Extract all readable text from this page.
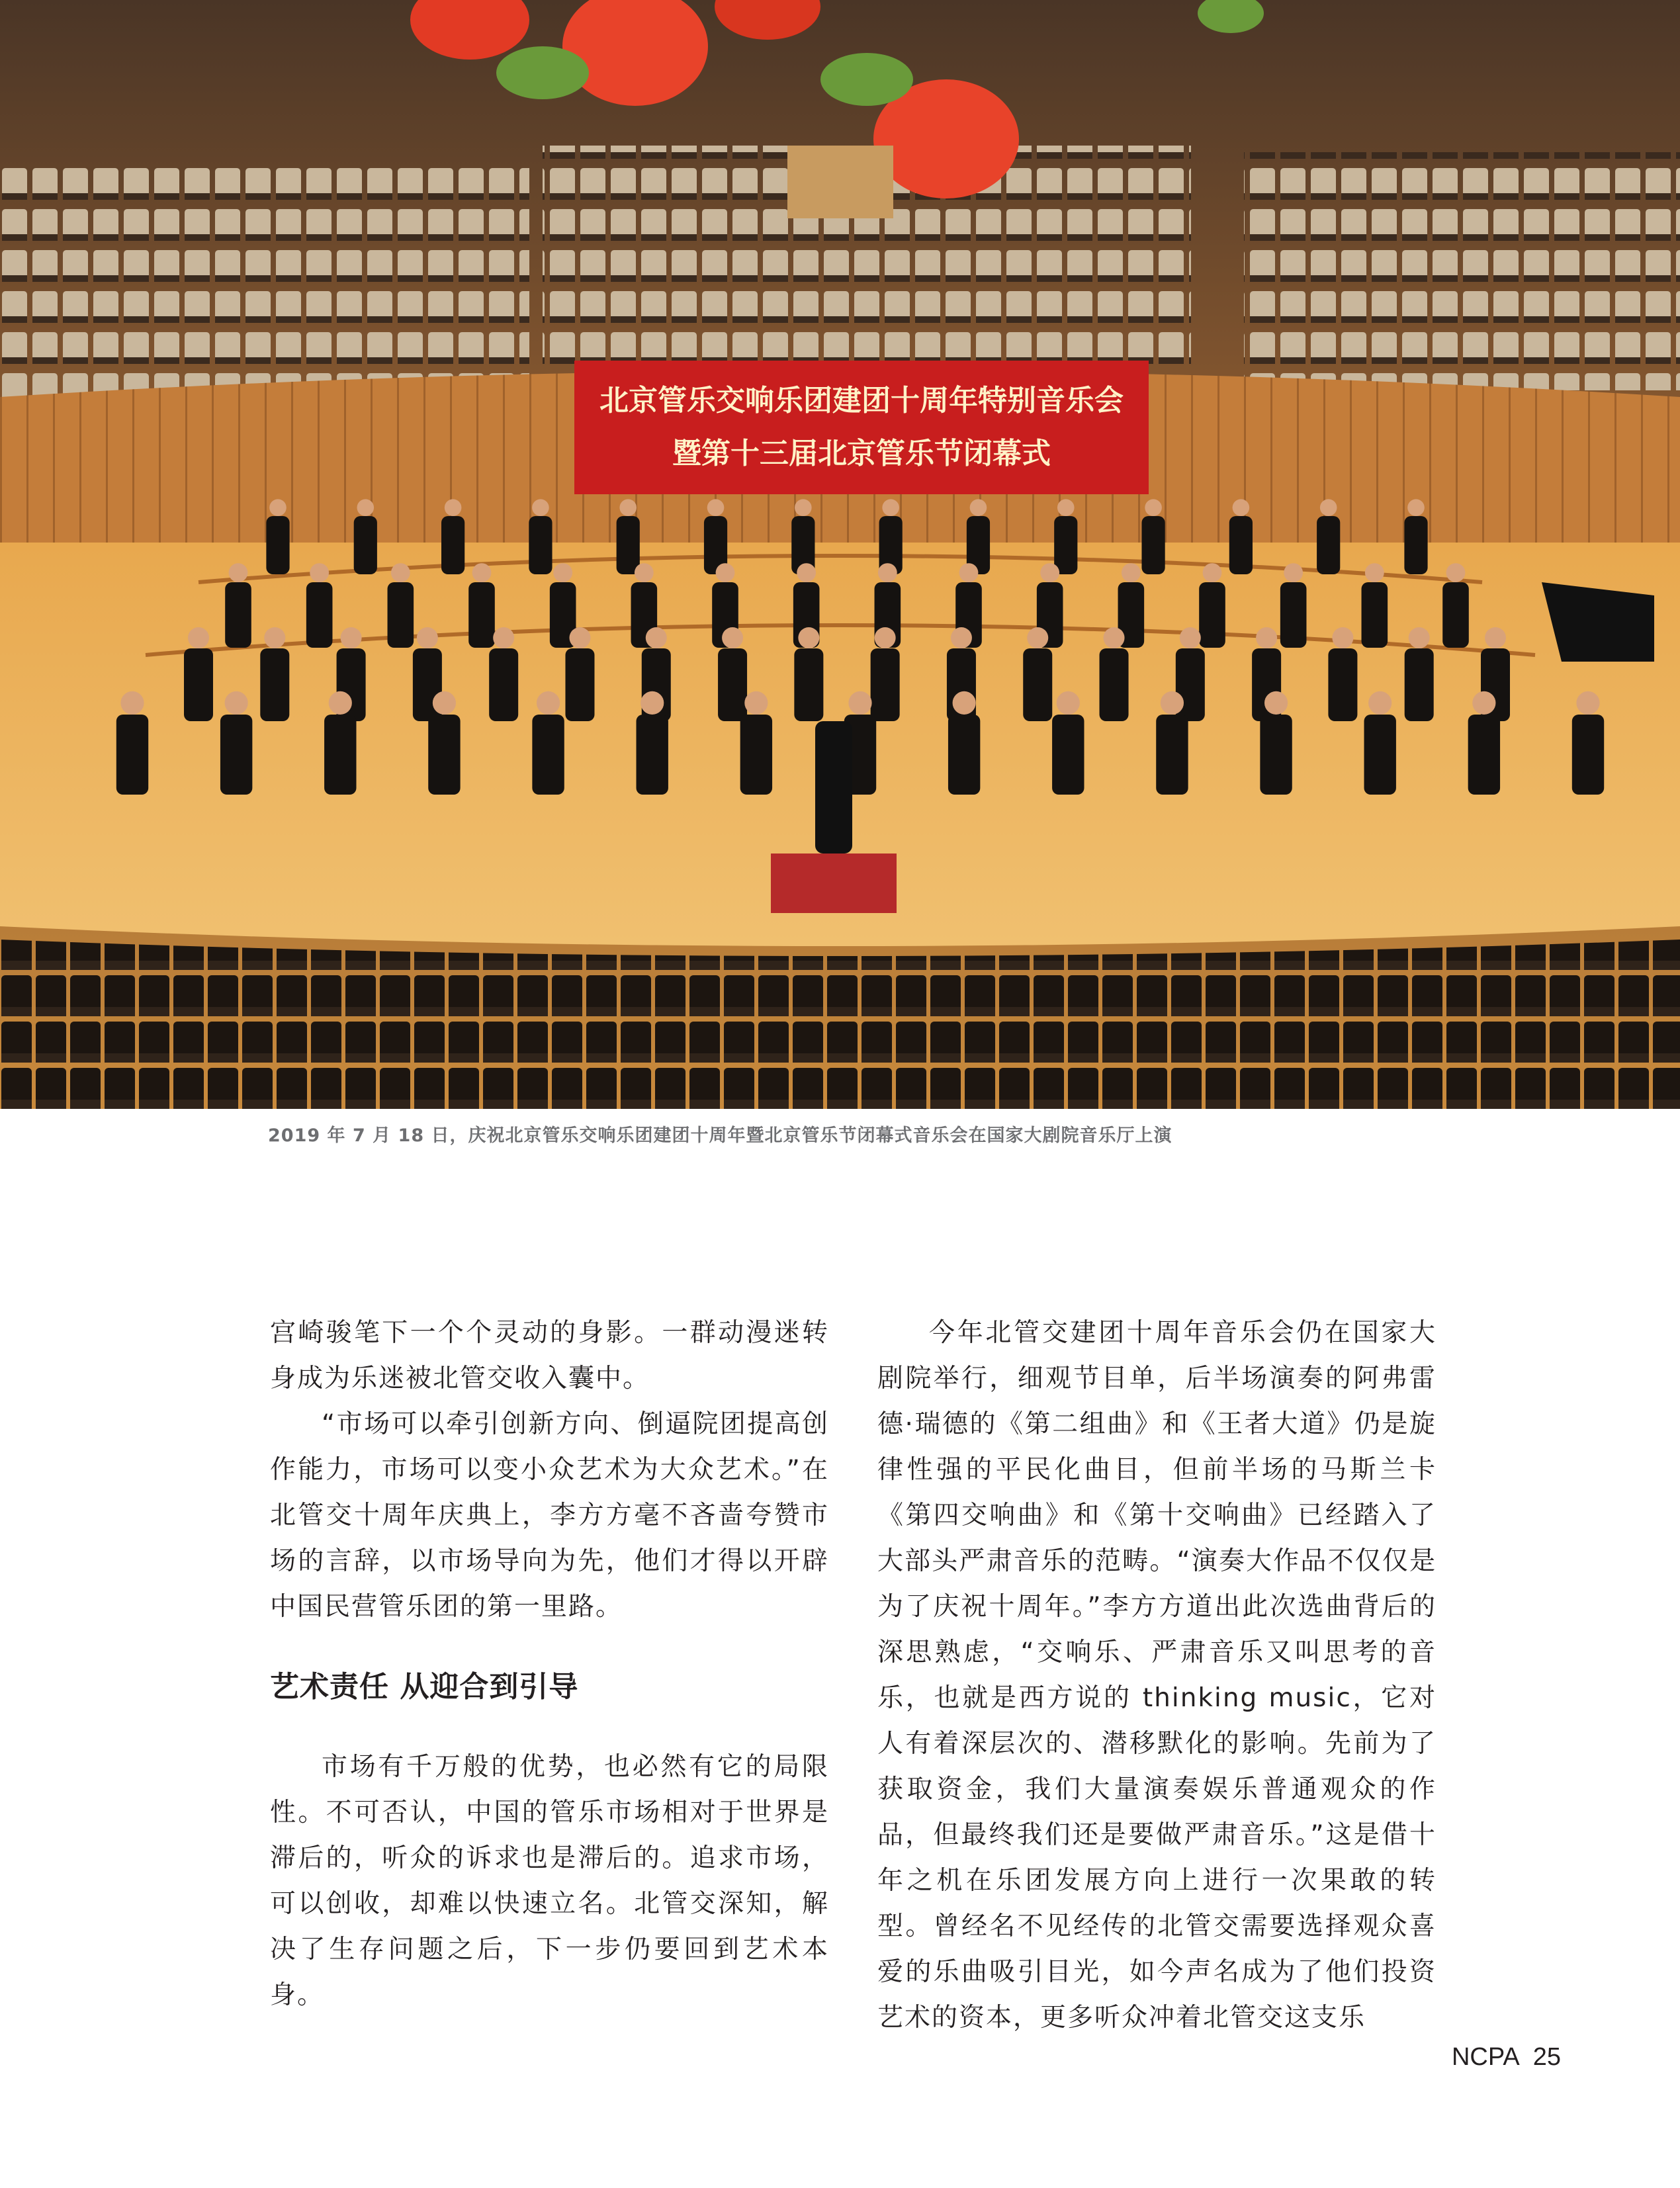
北京管乐交响乐团建团十周年特别音乐会
暨第十三届北京管乐节闭幕式
2019 年 7 月 18 日，庆祝北京管乐交响乐团建团十周年暨北京管乐节闭幕式音乐会在国家大剧院音乐厅上演

宫崎骏笔下一个个灵动的身影。一群动漫迷转身成为乐迷被北管交收入囊中。

“市场可以牵引创新方向、倒逼院团提高创作能力，市场可以变小众艺术为大众艺术。”在北管交十周年庆典上，李方方毫不吝啬夸赞市场的言辞，以市场导向为先，他们才得以开辟中国民营管乐团的第一里路。

艺术责任 从迎合到引导

市场有千万般的优势，也必然有它的局限性。不可否认，中国的管乐市场相对于世界是滞后的，听众的诉求也是滞后的。追求市场，可以创收，却难以快速立名。北管交深知，解决了生存问题之后，下一步仍要回到艺术本身。

今年北管交建团十周年音乐会仍在国家大剧院举行，细观节目单，后半场演奏的阿弗雷德·瑞德的《第二组曲》和《王者大道》仍是旋律性强的平民化曲目，但前半场的马斯兰卡《第四交响曲》和《第十交响曲》已经踏入了大部头严肃音乐的范畴。“演奏大作品不仅仅是为了庆祝十周年。”李方方道出此次选曲背后的深思熟虑，“交响乐、严肃音乐又叫思考的音乐，也就是西方说的 thinking music，它对人有着深层次的、潜移默化的影响。先前为了获取资金，我们大量演奏娱乐普通观众的作品，但最终我们还是要做严肃音乐。”这是借十年之机在乐团发展方向上进行一次果敢的转型。曾经名不见经传的北管交需要选择观众喜爱的乐曲吸引目光，如今声名成为了他们投资艺术的资本，更多听众冲着北管交这支乐

NCPA 25
